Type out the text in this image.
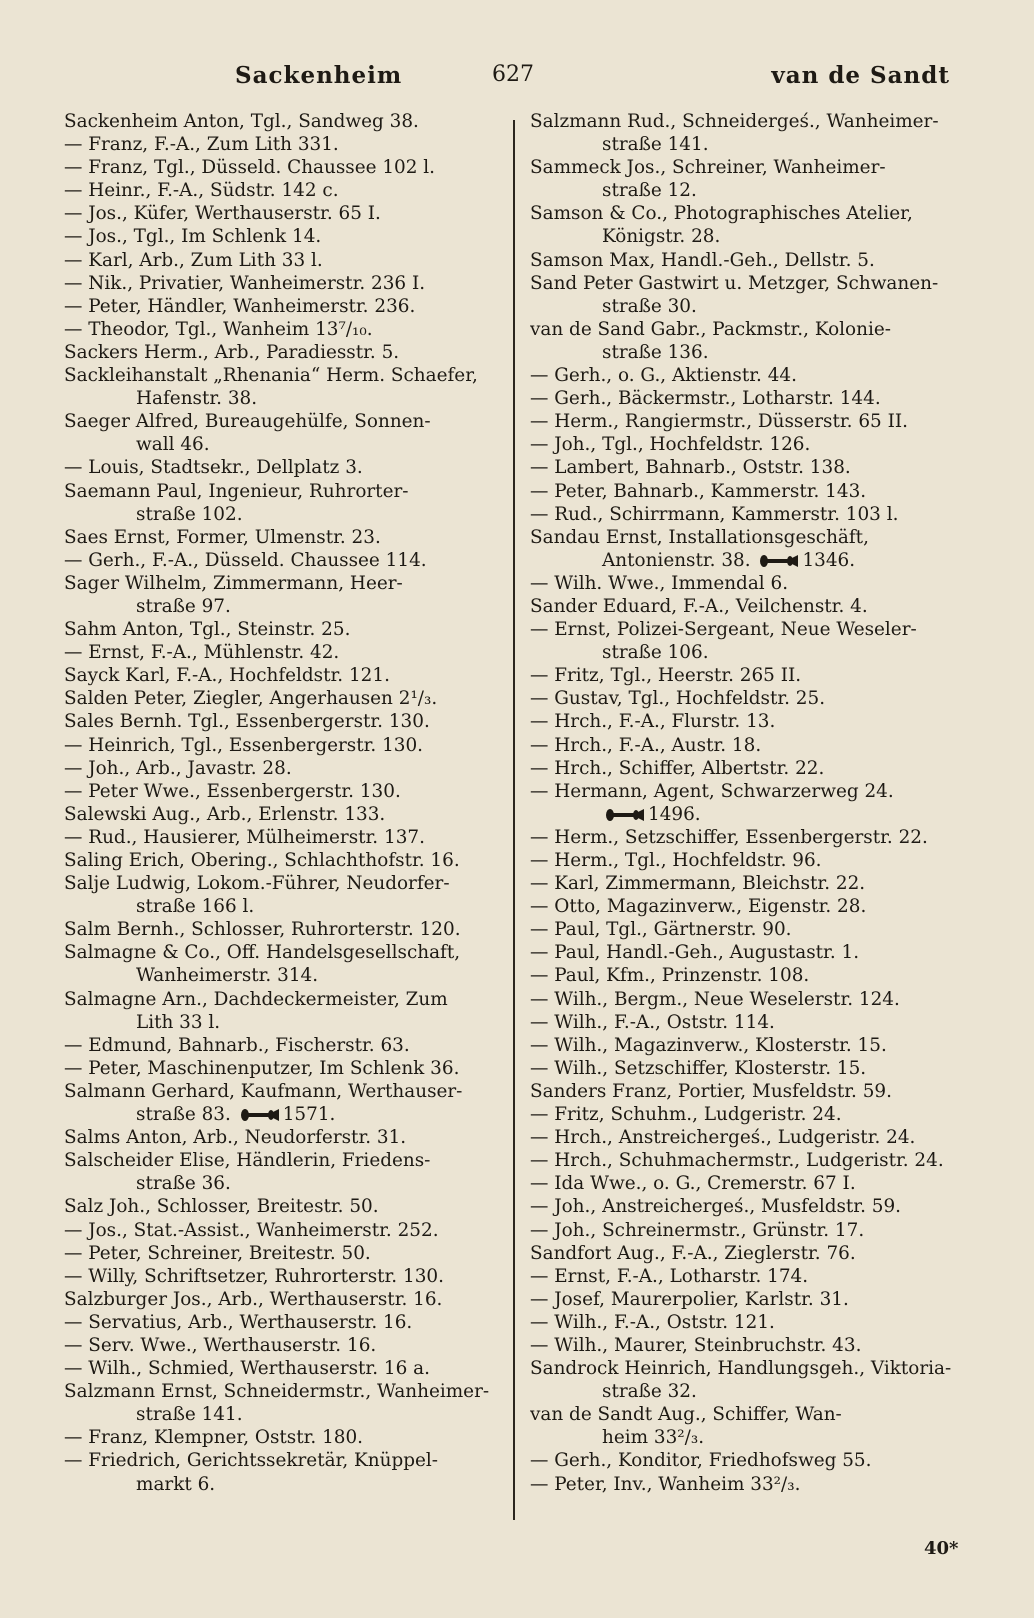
Sackenheim	627	van de Sandt
Sackenheim Anton, Tgl., Sandweg 38.
— Franz, F.-A., Zum Lith 331.
— Franz, Tgl., Düsseld. Chaussee 102 l.
— Heinr., F.-A., Südstr. 142 c.
— Jos., Küfer, Werthauserstr. 65 I.
— Jos., Tgl., Im Schlenk 14.
— Karl, Arb., Zum Lith 33 l.
— Nik., Privatier, Wanheimerstr. 236 I.
— Peter, Händler, Wanheimerstr. 236.
— Theodor, Tgl., Wanheim 13⁷/₁₀.
Sackers Herm., Arb., Paradiesstr. 5.
Sackleihanstalt „Rhenania“ Herm. Schaefer,
Hafenstr. 38.
Saeger Alfred, Bureaugehülfe, Sonnen-
wall 46.
— Louis, Stadtsekr., Dellplatz 3.
Saemann Paul, Ingenieur, Ruhrorter-
straße 102.
Saes Ernst, Former, Ulmenstr. 23.
— Gerh., F.-A., Düsseld. Chaussee 114.
Sager Wilhelm, Zimmermann, Heer-
straße 97.
Sahm Anton, Tgl., Steinstr. 25.
— Ernst, F.-A., Mühlenstr. 42.
Sayck Karl, F.-A., Hochfeldstr. 121.
Salden Peter, Ziegler, Angerhausen 2¹/₃.
Sales Bernh. Tgl., Essenbergerstr. 130.
— Heinrich, Tgl., Essenbergerstr. 130.
— Joh., Arb., Javastr. 28.
— Peter Wwe., Essenbergerstr. 130.
Salewski Aug., Arb., Erlenstr. 133.
— Rud., Hausierer, Mülheimerstr. 137.
Saling Erich, Obering., Schlachthofstr. 16.
Salje Ludwig, Lokom.-Führer, Neudorfer-
straße 166 l.
Salm Bernh., Schlosser, Ruhrorterstr. 120.
Salmagne & Co., Off. Handelsgesellschaft,
Wanheimerstr. 314.
Salmagne Arn., Dachdeckermeister, Zum
Lith 33 l.
— Edmund, Bahnarb., Fischerstr. 63.
— Peter, Maschinenputzer, Im Schlenk 36.
Salmann Gerhard, Kaufmann, Werthauser-
straße 83.	1571.
Salms Anton, Arb., Neudorferstr. 31.
Salscheider Elise, Händlerin, Friedens-
straße 36.
Salz Joh., Schlosser, Breitestr. 50.
— Jos., Stat.-Assist., Wanheimerstr. 252.
— Peter, Schreiner, Breitestr. 50.
— Willy, Schriftsetzer, Ruhrorterstr. 130.
Salzburger Jos., Arb., Werthauserstr. 16.
— Servatius, Arb., Werthauserstr. 16.
— Serv. Wwe., Werthauserstr. 16.
— Wilh., Schmied, Werthauserstr. 16 a.
Salzmann Ernst, Schneidermstr., Wanheimer-
straße 141.
— Franz, Klempner, Oststr. 180.
— Friedrich, Gerichtssekretär, Knüppel-
markt 6.
Salzmann Rud., Schneidergeś., Wanheimer-
straße 141.
Sammeck Jos., Schreiner, Wanheimer-
straße 12.
Samson & Co., Photographisches Atelier,
Königstr. 28.
Samson Max, Handl.-Geh., Dellstr. 5.
Sand Peter Gastwirt u. Metzger, Schwanen-
straße 30.
van de Sand Gabr., Packmstr., Kolonie-
straße 136.
— Gerh., o. G., Aktienstr. 44.
— Gerh., Bäckermstr., Lotharstr. 144.
— Herm., Rangiermstr., Düsserstr. 65 II.
— Joh., Tgl., Hochfeldstr. 126.
— Lambert, Bahnarb., Oststr. 138.
— Peter, Bahnarb., Kammerstr. 143.
— Rud., Schirrmann, Kammerstr. 103 l.
Sandau Ernst, Installationsgeschäft,
Antonienstr. 38.	1346.
— Wilh. Wwe., Immendal 6.
Sander Eduard, F.-A., Veilchenstr. 4.
— Ernst, Polizei-Sergeant, Neue Weseler-
straße 106.
— Fritz, Tgl., Heerstr. 265 II.
— Gustav, Tgl., Hochfeldstr. 25.
— Hrch., F.-A., Flurstr. 13.
— Hrch., F.-A., Austr. 18.
— Hrch., Schiffer, Albertstr. 22.
— Hermann, Agent, Schwarzerweg 24.
1496.
— Herm., Setzschiffer, Essenbergerstr. 22.
— Herm., Tgl., Hochfeldstr. 96.
— Karl, Zimmermann, Bleichstr. 22.
— Otto, Magazinverw., Eigenstr. 28.
— Paul, Tgl., Gärtnerstr. 90.
— Paul, Handl.-Geh., Augustastr. 1.
— Paul, Kfm., Prinzenstr. 108.
— Wilh., Bergm., Neue Weselerstr. 124.
— Wilh., F.-A., Oststr. 114.
— Wilh., Magazinverw., Klosterstr. 15.
— Wilh., Setzschiffer, Klosterstr. 15.
Sanders Franz, Portier, Musfeldstr. 59.
— Fritz, Schuhm., Ludgeristr. 24.
— Hrch., Anstreichergeś., Ludgeristr. 24.
— Hrch., Schuhmachermstr., Ludgeristr. 24.
— Ida Wwe., o. G., Cremerstr. 67 I.
— Joh., Anstreichergeś., Musfeldstr. 59.
— Joh., Schreinermstr., Grünstr. 17.
Sandfort Aug., F.-A., Zieglerstr. 76.
— Ernst, F.-A., Lotharstr. 174.
— Josef, Maurerpolier, Karlstr. 31.
— Wilh., F.-A., Oststr. 121.
— Wilh., Maurer, Steinbruchstr. 43.
Sandrock Heinrich, Handlungsgeh., Viktoria-
straße 32.
van de Sandt Aug., Schiffer, Wan-
heim 33²/₃.
— Gerh., Konditor, Friedhofsweg 55.
— Peter, Inv., Wanheim 33²/₃.
40*
